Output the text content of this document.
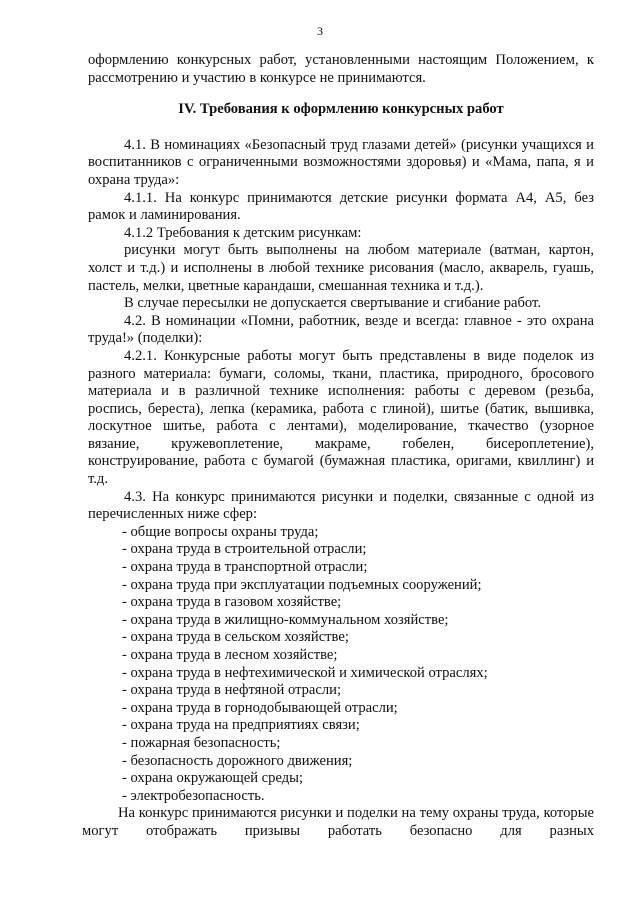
3

оформлению конкурсных работ, установленными настоящим Положением, к рассмотрению и участию в конкурсе не принимаются.

IV. Требования к оформлению конкурсных работ

4.1. В номинациях «Безопасный труд глазами детей» (рисунки учащихся и воспитанников с ограниченными возможностями здоровья) и «Мама, папа, я и охрана труда»:

4.1.1. На конкурс принимаются детские рисунки формата А4, А5, без рамок и ламинирования.

4.1.2 Требования к детским рисункам:

рисунки могут быть выполнены на любом материале (ватман, картон, холст и т.д.) и исполнены в любой технике рисования (масло, акварель, гуашь, пастель, мелки, цветные карандаши, смешанная техника и т.д.).

В случае пересылки не допускается свертывание и сгибание работ.

4.2. В номинации «Помни, работник, везде и всегда: главное - это охрана труда!» (поделки):

4.2.1. Конкурсные работы могут быть представлены в виде поделок из разного материала: бумаги, соломы, ткани, пластика, природного, бросового материала и в различной технике исполнения: работы с деревом (резьба, роспись, береста), лепка (керамика, работа с глиной), шитье (батик, вышивка, лоскутное шитье, работа с лентами), моделирование, ткачество (узорное вязание, кружевоплетение, макраме, гобелен, бисероплетение), конструирование, работа с бумагой (бумажная пластика, оригами, квиллинг) и т.д.

4.3. На конкурс принимаются рисунки и поделки, связанные с одной из перечисленных ниже сфер:

- общие вопросы охраны труда;
- охрана труда в строительной отрасли;
- охрана труда в транспортной отрасли;
- охрана труда при эксплуатации подъемных сооружений;
- охрана труда в газовом хозяйстве;
- охрана труда в жилищно-коммунальном хозяйстве;
- охрана труда в сельском хозяйстве;
- охрана труда в лесном хозяйстве;
- охрана труда в нефтехимической и химической отраслях;
- охрана труда в нефтяной отрасли;
- охрана труда в горнодобывающей отрасли;
- охрана труда на предприятиях связи;
- пожарная безопасность;
- безопасность дорожного движения;
- охрана окружающей среды;
- электробезопасность.

На конкурс принимаются рисунки и поделки на тему охраны труда, которые могут отображать призывы работать безопасно для разных
